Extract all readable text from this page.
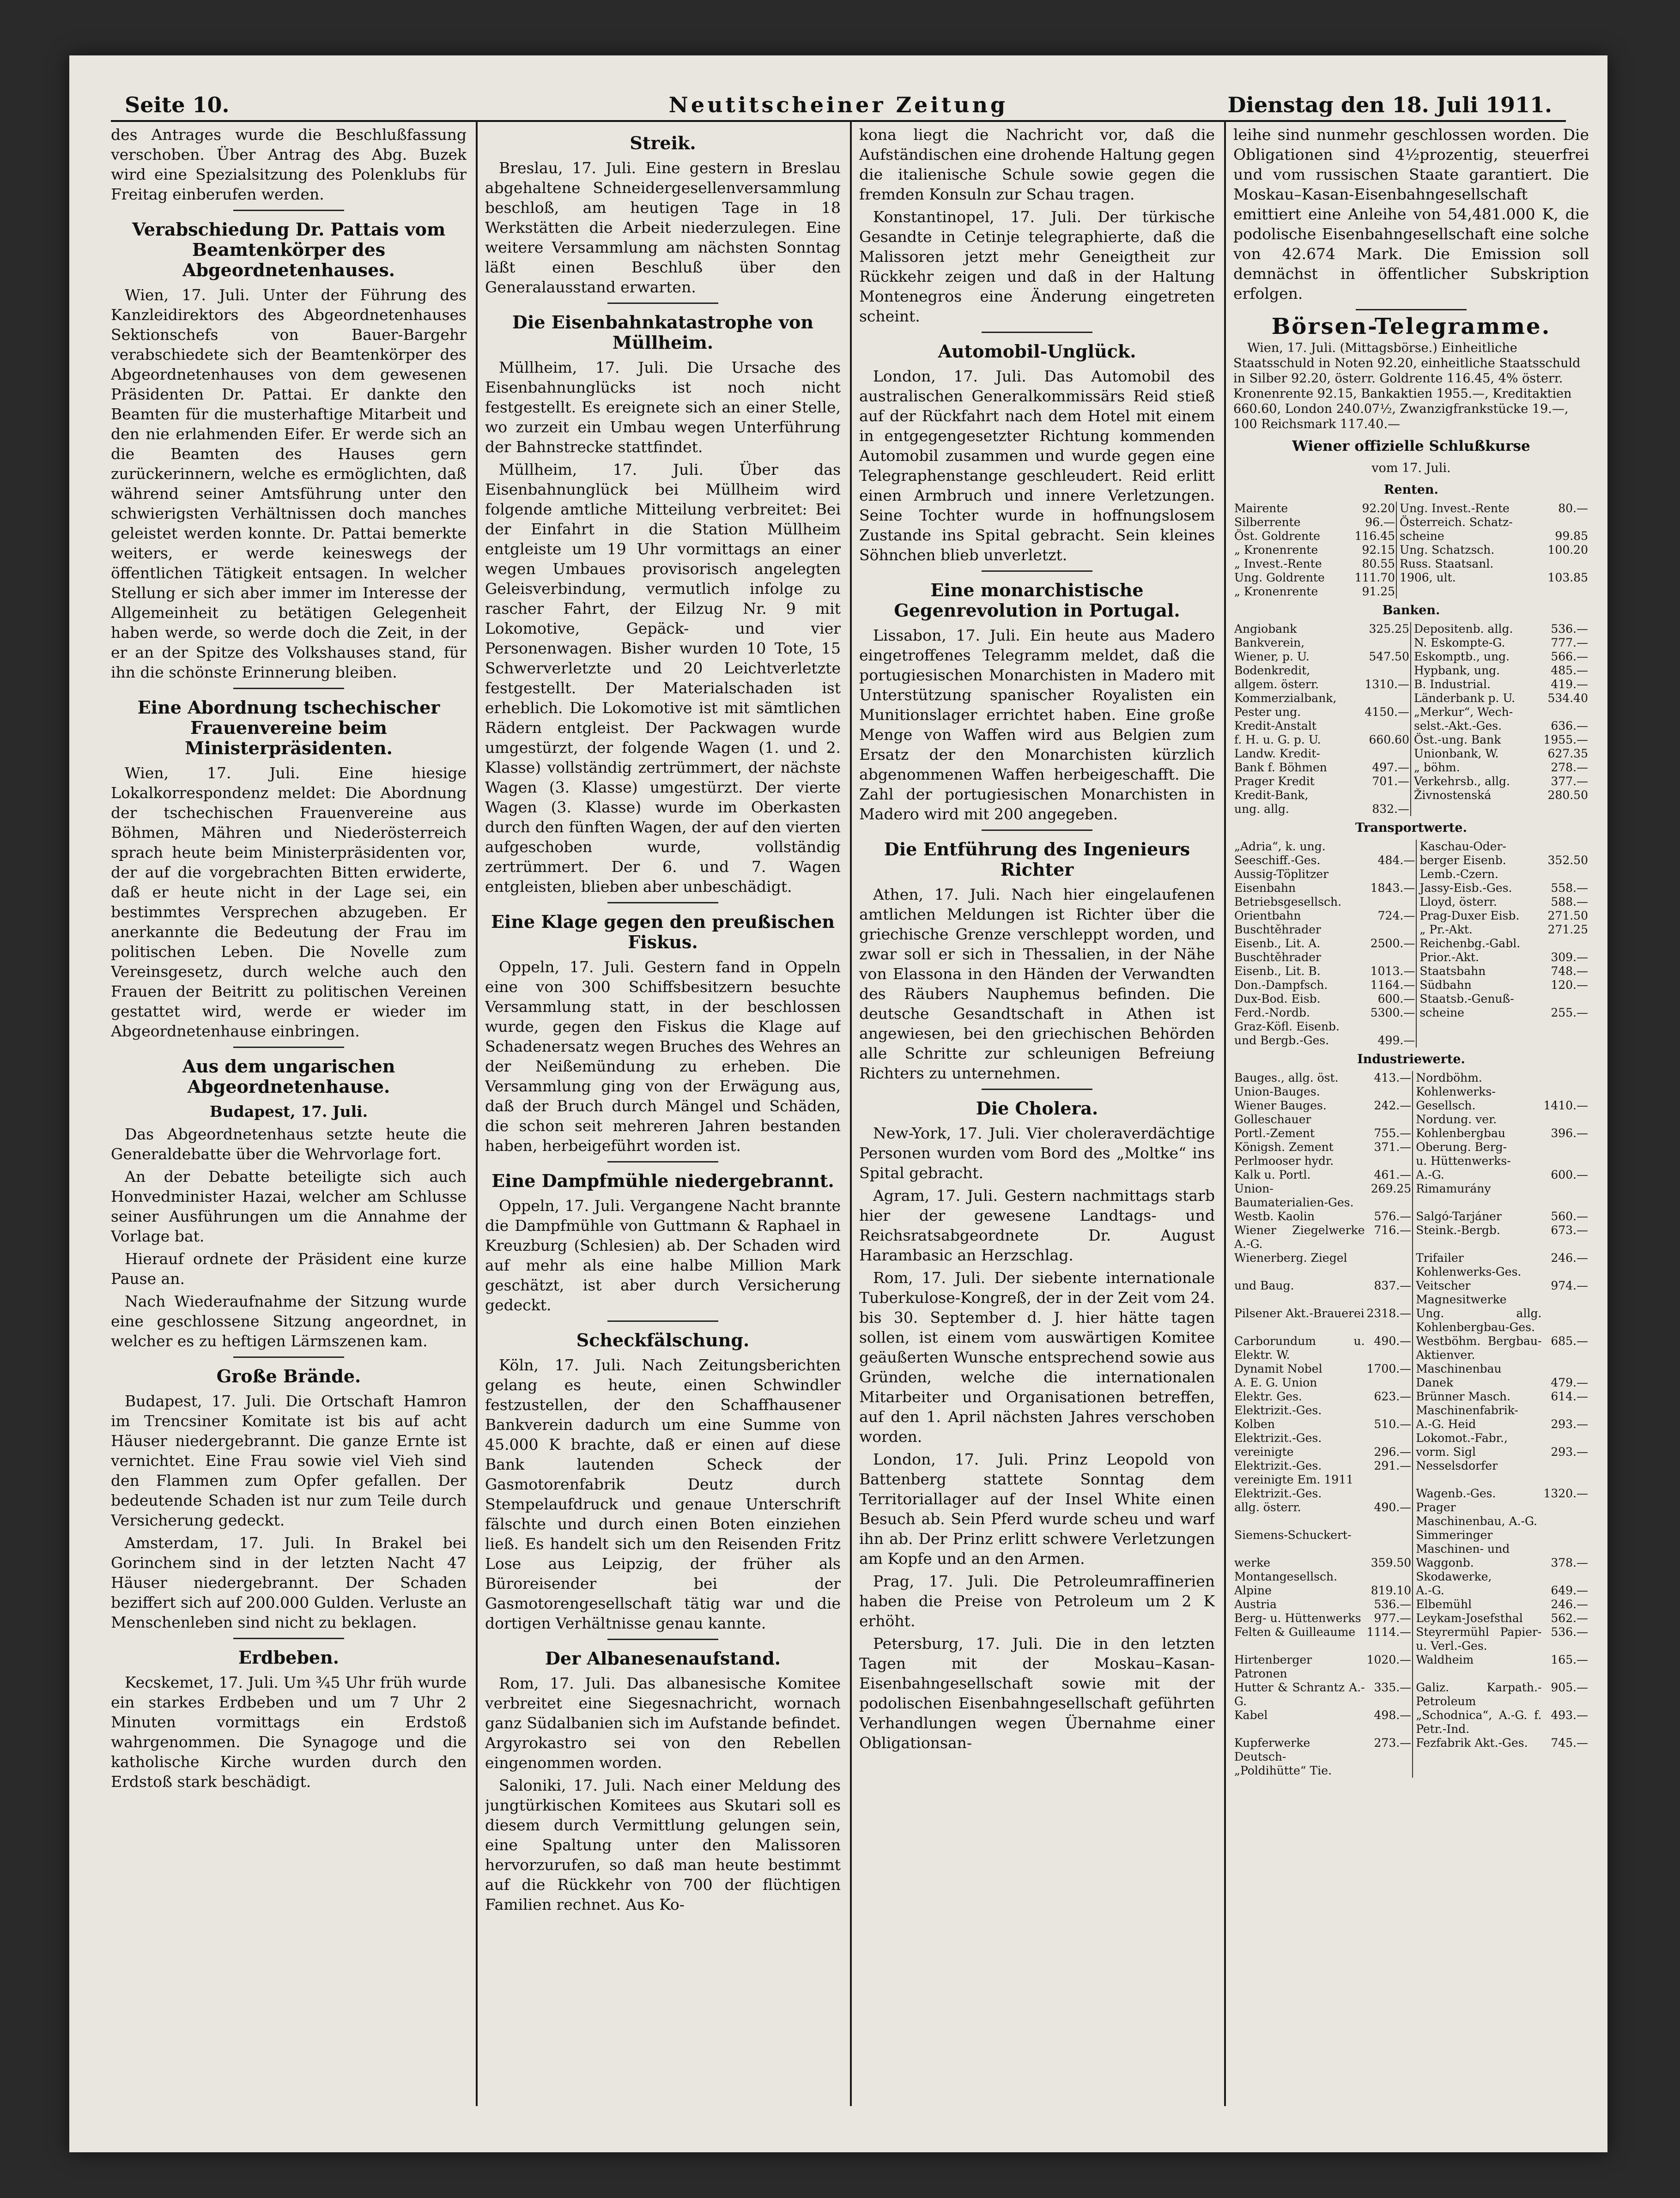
Seite 10.	Neutitscheiner Zeitung	Dienstag den 18. Juli 1911.

des Antrages wurde die Beschlußfassung verschoben. Über Antrag des Abg. Buzek wird eine Spezialsitzung des Polenklubs für Freitag einberufen werden.

Verabschiedung Dr. Pattais vom Beamtenkörper des Abgeordnetenhauses.

Wien, 17. Juli. Unter der Führung des Kanzleidirektors des Abgeordnetenhauses Sektionschefs von Bauer-Bargehr verabschiedete sich der Beamtenkörper des Abgeordnetenhauses von dem gewesenen Präsidenten Dr. Pattai. Er dankte den Beamten für die musterhaftige Mitarbeit und den nie erlahmenden Eifer. Er werde sich an die Beamten des Hauses gern zurückerinnern, welche es ermöglichten, daß während seiner Amtsführung unter den schwierigsten Verhältnissen doch manches geleistet werden konnte. Dr. Pattai bemerkte weiters, er werde keineswegs der öffentlichen Tätigkeit entsagen. In welcher Stellung er sich aber immer im Interesse der Allgemeinheit zu betätigen Gelegenheit haben werde, so werde doch die Zeit, in der er an der Spitze des Volkshauses stand, für ihn die schönste Erinnerung bleiben.

Eine Abordnung tschechischer Frauenvereine beim Ministerpräsidenten.

Wien, 17. Juli. Eine hiesige Lokalkorrespondenz meldet: Die Abordnung der tschechischen Frauenvereine aus Böhmen, Mähren und Niederösterreich sprach heute beim Ministerpräsidenten vor, der auf die vorgebrachten Bitten erwiderte, daß er heute nicht in der Lage sei, ein bestimmtes Versprechen abzugeben. Er anerkannte die Bedeutung der Frau im politischen Leben. Die Novelle zum Vereinsgesetz, durch welche auch den Frauen der Beitritt zu politischen Vereinen gestattet wird, werde er wieder im Abgeordnetenhause einbringen.

Aus dem ungarischen Abgeordnetenhause.

Budapest, 17. Juli.

Das Abgeordnetenhaus setzte heute die Generaldebatte über die Wehrvorlage fort.

An der Debatte beteiligte sich auch Honvedminister Hazai, welcher am Schlusse seiner Ausführungen um die Annahme der Vorlage bat.

Hierauf ordnete der Präsident eine kurze Pause an.

Nach Wiederaufnahme der Sitzung wurde eine geschlossene Sitzung angeordnet, in welcher es zu heftigen Lärmszenen kam.

Große Brände.

Budapest, 17. Juli. Die Ortschaft Hamron im Trencsiner Komitate ist bis auf acht Häuser niedergebrannt. Die ganze Ernte ist vernichtet. Eine Frau sowie viel Vieh sind den Flammen zum Opfer gefallen. Der bedeutende Schaden ist nur zum Teile durch Versicherung gedeckt.

Amsterdam, 17. Juli. In Brakel bei Gorinchem sind in der letzten Nacht 47 Häuser niedergebrannt. Der Schaden beziffert sich auf 200.000 Gulden. Verluste an Menschenleben sind nicht zu beklagen.

Erdbeben.

Kecskemet, 17. Juli. Um ¾5 Uhr früh wurde ein starkes Erdbeben und um 7 Uhr 2 Minuten vormittags ein Erdstoß wahrgenommen. Die Synagoge und die katholische Kirche wurden durch den Erdstoß stark beschädigt.

Streik.

Breslau, 17. Juli. Eine gestern in Breslau abgehaltene Schneidergesellenversammlung beschloß, am heutigen Tage in 18 Werkstätten die Arbeit niederzulegen. Eine weitere Versammlung am nächsten Sonntag läßt einen Beschluß über den Generalausstand erwarten.

Die Eisenbahnkatastrophe von Müllheim.

Müllheim, 17. Juli. Die Ursache des Eisenbahnunglücks ist noch nicht festgestellt. Es ereignete sich an einer Stelle, wo zurzeit ein Umbau wegen Unterführung der Bahnstrecke stattfindet.

Müllheim, 17. Juli. Über das Eisenbahnunglück bei Müllheim wird folgende amtliche Mitteilung verbreitet: Bei der Einfahrt in die Station Müllheim entgleiste um 19 Uhr vormittags an einer wegen Umbaues provisorisch angelegten Geleisverbindung, vermutlich infolge zu rascher Fahrt, der Eilzug Nr. 9 mit Lokomotive, Gepäck- und vier Personenwagen. Bisher wurden 10 Tote, 15 Schwerverletzte und 20 Leichtverletzte festgestellt. Der Materialschaden ist erheblich. Die Lokomotive ist mit sämtlichen Rädern entgleist. Der Packwagen wurde umgestürzt, der folgende Wagen (1. und 2. Klasse) vollständig zertrümmert, der nächste Wagen (3. Klasse) umgestürzt. Der vierte Wagen (3. Klasse) wurde im Oberkasten durch den fünften Wagen, der auf den vierten aufgeschoben wurde, vollständig zertrümmert. Der 6. und 7. Wagen entgleisten, blieben aber unbeschädigt.

Eine Klage gegen den preußischen Fiskus.

Oppeln, 17. Juli. Gestern fand in Oppeln eine von 300 Schiffsbesitzern besuchte Versammlung statt, in der beschlossen wurde, gegen den Fiskus die Klage auf Schadenersatz wegen Bruches des Wehres an der Neißemündung zu erheben. Die Versammlung ging von der Erwägung aus, daß der Bruch durch Mängel und Schäden, die schon seit mehreren Jahren bestanden haben, herbeigeführt worden ist.

Eine Dampfmühle niedergebrannt.

Oppeln, 17. Juli. Vergangene Nacht brannte die Dampfmühle von Guttmann & Raphael in Kreuzburg (Schlesien) ab. Der Schaden wird auf mehr als eine halbe Million Mark geschätzt, ist aber durch Versicherung gedeckt.

Scheckfälschung.

Köln, 17. Juli. Nach Zeitungsberichten gelang es heute, einen Schwindler festzustellen, der den Schaffhausener Bankverein dadurch um eine Summe von 45.000 K brachte, daß er einen auf diese Bank lautenden Scheck der Gasmotorenfabrik Deutz durch Stempelaufdruck und genaue Unterschrift fälschte und durch einen Boten einziehen ließ. Es handelt sich um den Reisenden Fritz Lose aus Leipzig, der früher als Büroreisender bei der Gasmotorengesellschaft tätig war und die dortigen Verhältnisse genau kannte.

Der Albanesenaufstand.

Rom, 17. Juli. Das albanesische Komitee verbreitet eine Siegesnachricht, wornach ganz Südalbanien sich im Aufstande befindet. Argyrokastro sei von den Rebellen eingenommen worden.

Saloniki, 17. Juli. Nach einer Meldung des jungtürkischen Komitees aus Skutari soll es diesem durch Vermittlung gelungen sein, eine Spaltung unter den Malissoren hervorzurufen, so daß man heute bestimmt auf die Rückkehr von 700 der flüchtigen Familien rechnet. Aus Ko-

kona liegt die Nachricht vor, daß die Aufständischen eine drohende Haltung gegen die italienische Schule sowie gegen die fremden Konsuln zur Schau tragen.

Konstantinopel, 17. Juli. Der türkische Gesandte in Cetinje telegraphierte, daß die Malissoren jetzt mehr Geneigtheit zur Rückkehr zeigen und daß in der Haltung Montenegros eine Änderung eingetreten scheint.

Automobil-Unglück.

London, 17. Juli. Das Automobil des australischen Generalkommissärs Reid stieß auf der Rückfahrt nach dem Hotel mit einem in entgegengesetzter Richtung kommenden Automobil zusammen und wurde gegen eine Telegraphenstange geschleudert. Reid erlitt einen Armbruch und innere Verletzungen. Seine Tochter wurde in hoffnungslosem Zustande ins Spital gebracht. Sein kleines Söhnchen blieb unverletzt.

Eine monarchistische Gegenrevolution in Portugal.

Lissabon, 17. Juli. Ein heute aus Madero eingetroffenes Telegramm meldet, daß die portugiesischen Monarchisten in Madero mit Unterstützung spanischer Royalisten ein Munitionslager errichtet haben. Eine große Menge von Waffen wird aus Belgien zum Ersatz der den Monarchisten kürzlich abgenommenen Waffen herbeigeschafft. Die Zahl der portugiesischen Monarchisten in Madero wird mit 200 angegeben.

Die Entführung des Ingenieurs Richter

Athen, 17. Juli. Nach hier eingelaufenen amtlichen Meldungen ist Richter über die griechische Grenze verschleppt worden, und zwar soll er sich in Thessalien, in der Nähe von Elassona in den Händen der Verwandten des Räubers Nauphemus befinden. Die deutsche Gesandtschaft in Athen ist angewiesen, bei den griechischen Behörden alle Schritte zur schleunigen Befreiung Richters zu unternehmen.

Die Cholera.

New-York, 17. Juli. Vier choleraverdächtige Personen wurden vom Bord des „Moltke“ ins Spital gebracht.

Agram, 17. Juli. Gestern nachmittags starb hier der gewesene Landtags- und Reichsratsabgeordnete Dr. August Harambasic an Herzschlag.

Rom, 17. Juli. Der siebente internationale Tuberkulose-Kongreß, der in der Zeit vom 24. bis 30. September d. J. hier hätte tagen sollen, ist einem vom auswärtigen Komitee geäußerten Wunsche entsprechend sowie aus Gründen, welche die internationalen Mitarbeiter und Organisationen betreffen, auf den 1. April nächsten Jahres verschoben worden.

London, 17. Juli. Prinz Leopold von Battenberg stattete Sonntag dem Territoriallager auf der Insel White einen Besuch ab. Sein Pferd wurde scheu und warf ihn ab. Der Prinz erlitt schwere Verletzungen am Kopfe und an den Armen.

Prag, 17. Juli. Die Petroleumraffinerien haben die Preise von Petroleum um 2 K erhöht.

Petersburg, 17. Juli. Die in den letzten Tagen mit der Moskau–Kasan-Eisenbahngesellschaft sowie mit der podolischen Eisenbahngesellschaft geführten Verhandlungen wegen Übernahme einer Obligationsan-

leihe sind nunmehr geschlossen worden. Die Obligationen sind 4½prozentig, steuerfrei und vom russischen Staate garantiert. Die Moskau–Kasan-Eisenbahngesellschaft emittiert eine Anleihe von 54,481.000 K, die podolische Eisenbahngesellschaft eine solche von 42.674 Mark. Die Emission soll demnächst in öffentlicher Subskription erfolgen.

Börsen-Telegramme.

Wien, 17. Juli. (Mittagsbörse.) Einheitliche Staatsschuld in Noten 92.20, einheitliche Staatsschuld in Silber 92.20, österr. Goldrente 116.45, 4% österr. Kronenrente 92.15, Bankaktien 1955.—, Kreditaktien 660.60, London 240.07½, Zwanzigfrankstücke 19.—, 100 Reichsmark 117.40.—

Wiener offizielle Schlußkurse
vom 17. Juli.
Renten.
Mairente	92.20	Ung. Invest.-Rente	80.—
Silberrente	96.—	Österreich. Schatz-	
Öst. Goldrente	116.45	scheine	99.85
„ Kronenrente	92.15	Ung. Schatzsch.	100.20
„ Invest.-Rente	80.55	Russ. Staatsanl.	
Ung. Goldrente	111.70	1906, ult.	103.85
„ Kronenrente	91.25		
Banken.
Angiobank	325.25	Depositenb. allg.	536.—
Bankverein,		N. Eskompte-G.	777.—
Wiener, p. U.	547.50	Eskomptb., ung.	566.—
Bodenkredit,		Hypbank, ung.	485.—
allgem. österr.	1310.—	B. Industrial.	419.—
Kommerzialbank,		Länderbank p. U.	534.40
Pester ung.	4150.—	„Merkur“, Wech-	
Kredit-Anstalt		selst.-Akt.-Ges.	636.—
f. H. u. G. p. U.	660.60	Öst.-ung. Bank	1955.—
Landw. Kredit-		Unionbank, W.	627.35
Bank f. Böhmen	497.—	„ böhm.	278.—
Prager Kredit	701.—	Verkehrsb., allg.	377.—
Kredit-Bank,		Živnostenská	280.50
ung. allg.	832.—		
Transportwerte.
„Adria“, k. ung.		Kaschau-Oder-	
Seeschiff.-Ges.	484.—	berger Eisenb.	352.50
Aussig-Töplitzer		Lemb.-Czern.	
Eisenbahn	1843.—	Jassy-Eisb.-Ges.	558.—
Betriebsgesellsch.		Lloyd, österr.	588.—
Orientbahn	724.—	Prag-Duxer Eisb.	271.50
Buschtěhrader		„ Pr.-Akt.	271.25
Eisenb., Lit. A.	2500.—	Reichenbg.-Gabl.	
Buschtěhrader		Prior.-Akt.	309.—
Eisenb., Lit. B.	1013.—	Staatsbahn	748.—
Don.-Dampfsch.	1164.—	Südbahn	120.—
Dux-Bod. Eisb.	600.—	Staatsb.-Genuß-	
Ferd.-Nordb.	5300.—	scheine	255.—
Graz-Köfl. Eisenb.			
und Bergb.-Ges.	499.—		
Industriewerte.
Bauges., allg. öst.	413.—	Nordböhm.	
Union-Bauges.		Kohlenwerks-	
Wiener Bauges.	242.—	Gesellsch.	1410.—
Golleschauer		Nordung. ver.	
Portl.-Zement	755.—	Kohlenbergbau	396.—
Königsh. Zement	371.—	Oberung. Berg-	
Perlmooser hydr.		u. Hüttenwerks-	
Kalk u. Portl.	461.—	A.-G.	600.—
Union-Baumaterialien-Ges.	269.25	Rimamurány	
Westb. Kaolin	576.—	Salgó-Tarjáner	560.—
Wiener Ziegelwerke A.-G.	716.—	Steink.-Bergb.	673.—
Wienerberg. Ziegel		Trifailer Kohlenwerks-Ges.	246.—
und Baug.	837.—	Veitscher Magnesitwerke	974.—
Pilsener Akt.-Brauerei	2318.—	Ung. allg. Kohlenbergbau-Ges.	
Carborundum u. Elektr. W.	490.—	Westböhm. Bergbau-Aktienver.	685.—
Dynamit Nobel	1700.—	Maschinenbau	
A. E. G. Union		Danek	479.—
Elektr. Ges.	623.—	Brünner Masch.	614.—
Elektrizit.-Ges.		Maschinenfabrik-	
Kolben	510.—	A.-G. Heid	293.—
Elektrizit.-Ges.		Lokomot.-Fabr.,	
vereinigte	296.—	vorm. Sigl	293.—
Elektrizit.-Ges. vereinigte Em. 1911	291.—	Nesselsdorfer	
Elektrizit.-Ges.		Wagenb.-Ges.	1320.—
allg. österr.	490.—	Prager Maschinenbau, A.-G.	
Siemens-Schuckert-		Simmeringer Maschinen- und	
werke	359.50	Waggonb.	378.—
Montangesellsch.		Skodawerke,	
Alpine	819.10	A.-G.	649.—
Austria	536.—	Elbemühl	246.—
Berg- u. Hüttenwerks	977.—	Leykam-Josefsthal	562.—
Felten & Guilleaume	1114.—	Steyrermühl Papier- u. Verl.-Ges.	536.—
Hirtenberger Patronen	1020.—	Waldheim	165.—
Hutter & Schrantz A.-G.	335.—	Galiz. Karpath.-Petroleum	905.—
Kabel	498.—	„Schodnica“, A.-G. f. Petr.-Ind.	493.—
Kupferwerke Deutsch-	273.—	Fezfabrik Akt.-Ges.	745.—
„Poldihütte“ Tie.			
